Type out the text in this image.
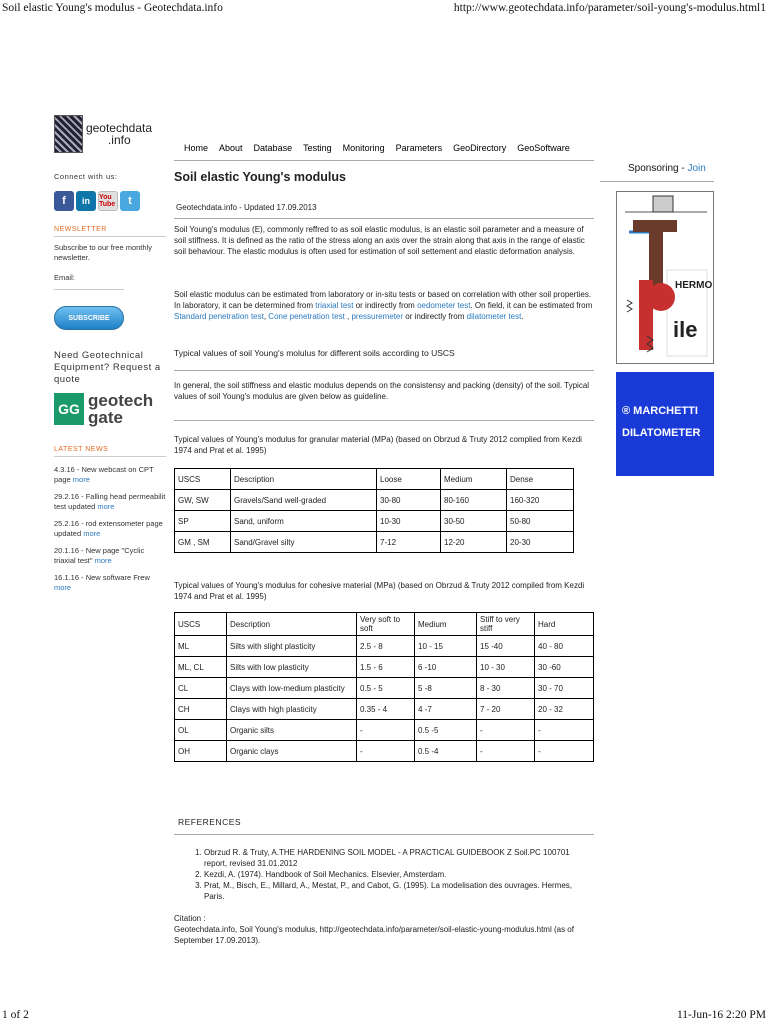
Soil elastic Young's modulus - Geotechdata.info	http://www.geotechdata.info/parameter/soil-young's-modulus.html1
geotechdata
.info
Home About Database Testing Monitoring Parameters GeoDirectory GeoSoftware
Connect with us:
f	in	You Tube	t
NEWSLETTER
Subscribe to our free monthly newsletter.
Email:
SUBSCRIBE
Need Geotechnical Equipment? Request a quote
GG geotech
gate
LATEST NEWS
4.3.16 - New webcast on CPT page more
29.2.16 - Falling head permeabilit test updated more
25.2.16 - rod extensometer page updated more
20.1.16 - New page "Cyclic triaxial test" more
16.1.16 - New software Frew more
Soil elastic Young's modulus
Geotechdata.info - Updated 17.09.2013

Soil Young's modulus (E), commonly reffred to as soil elastic modulus, is an elastic soil parameter and a measure of soil stiffness. It is defined as the ratio of the stress along an axis over the strain along that axis in the range of elastic soil behaviour. The elastic modulus is often used for estimation of soil settement and elastic deformation analysis.

Soil elastic modulus can be estimated from laboratory or in-situ tests or based on correlation with other soil properties. In laboratory, it can be determined from triaxial test or indirectly from oedometer test. On field, it can be estimated from Standard penetration test, Cone penetration test , pressuremeter or indirectly from dilatometer test.

Typical values of soil Young's molulus for different soils according to USCS

In general, the soil stiffness and elastic modulus depends on the consistensy and packing (density) of the soil. Typical values of soil Young's modulus are given below as guideline.

Typical values of Young's modulus for granular material (MPa) (based on Obrzud & Truty 2012 complied from Kezdi 1974 and Prat et al. 1995)

USCS	Description	Loose	Medium	Dense
GW, SW	Gravels/Sand well-graded	30-80	80-160	160-320
SP	Sand, uniform	10-30	30-50	50-80
GM , SM	Sand/Gravel silty	7-12	12-20	20-30

Typical values of Young's modulus for cohesive material (MPa) (based on Obrzud & Truty 2012 compiled from Kezdi 1974 and Prat et al. 1995)

USCS	Description	Very soft to soft	Medium	Stiff to very stiff	Hard
ML	Silts with slight plasticity	2.5 - 8	10 - 15	15 -40	40 - 80
ML, CL	Silts with low plasticity	1.5 - 6	6 -10	10 - 30	30 -60
CL	Clays with low-medium plasticity	0.5 - 5	5 -8	8 - 30	30 - 70
CH	Clays with high plasticity	0.35 - 4	4 -7	7 - 20	20 - 32
OL	Organic silts	-	0.5 -5	-	-
OH	Organic clays	-	0.5 -4	-	-
REFERENCES
1. Obrzud R. & Truty, A.THE HARDENING SOIL MODEL - A PRACTICAL GUIDEBOOK Z Soil.PC 100701 report, revised 31.01.2012
2. Kezdi, A. (1974). Handbook of Soil Mechanics. Elsevier, Amsterdam.
3. Prat, M., Bisch, E., Millard, A., Mestat, P., and Cabot, G. (1995). La modelisation des ouvrages. Hermes, Paris.
Citation :
Geotechdata.info, Soil Young's modulus, http://geotechdata.info/parameter/soil-elastic-young-modulus.html (as of September 17.09.2013).
Sponsoring - Join
HERMO
ile
® MARCHETTI
DILATOMETER
1 of 2	11-Jun-16 2:20 PM
